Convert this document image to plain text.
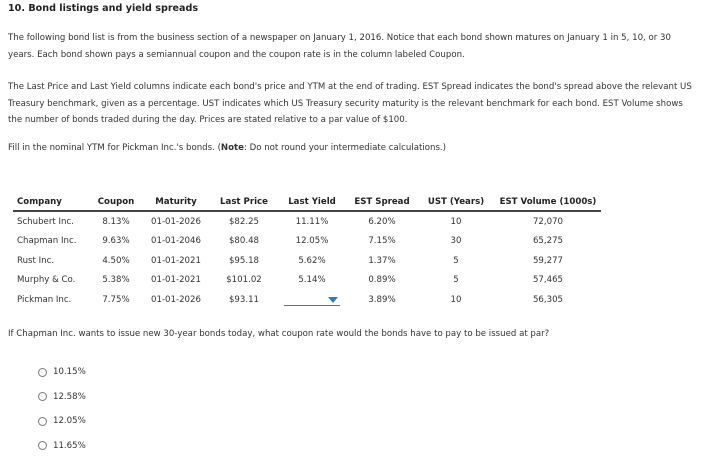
10. Bond listings and yield spreads
The following bond list is from the business section of a newspaper on January 1, 2016. Notice that each bond shown matures on January 1 in 5, 10, or 30 years. Each bond shown pays a semiannual coupon and the coupon rate is in the column labeled Coupon.
The Last Price and Last Yield columns indicate each bond's price and YTM at the end of trading. EST Spread indicates the bond's spread above the relevant US Treasury benchmark, given as a percentage. UST indicates which US Treasury security maturity is the relevant benchmark for each bond. EST Volume shows the number of bonds traded during the day. Prices are stated relative to a par value of $100.
Fill in the nominal YTM for Pickman Inc.'s bonds. (Note: Do not round your intermediate calculations.)
Company	Coupon	Maturity	Last Price	Last Yield	EST Spread	UST (Years)	EST Volume (1000s)
Schubert Inc.	8.13%	01-01-2026	$82.25	11.11%	6.20%	10	72,070
Chapman Inc.	9.63%	01-01-2046	$80.48	12.05%	7.15%	30	65,275
Rust Inc.	4.50%	01-01-2021	$95.18	5.62%	1.37%	5	59,277
Murphy & Co.	5.38%	01-01-2021	$101.02	5.14%	0.89%	5	57,465
Pickman Inc.	7.75%	01-01-2026	$93.11		3.89%	10	56,305
If Chapman Inc. wants to issue new 30-year bonds today, what coupon rate would the bonds have to pay to be issued at par?
10.15%
12.58%
12.05%
11.65%
